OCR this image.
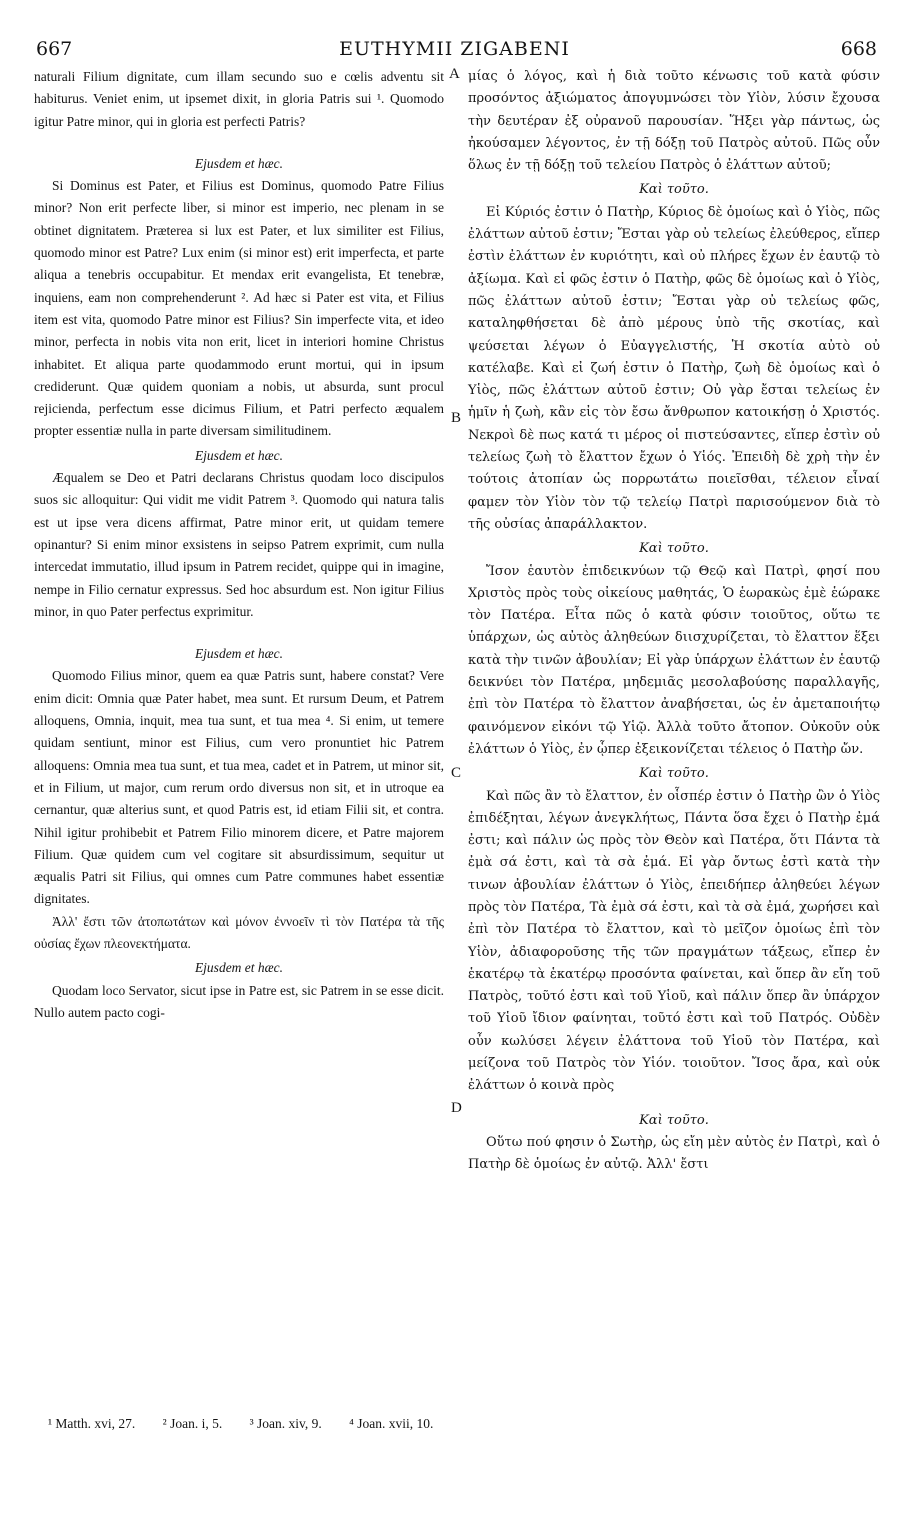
667	EUTHYMII ZIGABENI	668

naturali Filium dignitate, cum illam secundo suo e cœlis adventu sit habiturus. Veniet enim, ut ipsemet dixit, in gloria Patris sui ¹. Quomodo igitur Patre minor, qui in gloria est perfecti Patris?

Ejusdem et hæc.

Si Dominus est Pater, et Filius est Dominus, quomodo Patre Filius minor? Non erit perfecte liber, si minor est imperio, nec plenam in se obtinet dignitatem. Præterea si lux est Pater, et lux similiter est Filius, quomodo minor est Patre? Lux enim (si minor est) erit imperfecta, et parte aliqua a tenebris occupabitur. Et mendax erit evangelista, Et tenebræ, inquiens, eam non comprehenderunt ². Ad hæc si Pater est vita, et Filius item est vita, quomodo Patre minor est Filius? Sin imperfecte vita, et ideo minor, perfecta in nobis vita non erit, licet in interiori homine Christus inhabitet. Et aliqua parte quodammodo erunt mortui, qui in ipsum crediderunt. Quæ quidem quoniam a nobis, ut absurda, sunt procul rejicienda, perfectum esse dicimus Filium, et Patri perfecto æqualem propter essentiæ nulla in parte diversam similitudinem.

Ejusdem et hæc.

Æqualem se Deo et Patri declarans Christus quodam loco discipulos suos sic alloquitur: Qui vidit me vidit Patrem ³. Quomodo qui natura talis est ut ipse vera dicens affirmat, Patre minor erit, ut quidam temere opinantur? Si enim minor exsistens in seipso Patrem exprimit, cum nulla intercedat immutatio, illud ipsum in Patrem recidet, quippe qui in imagine, nempe in Filio cernatur expressus. Sed hoc absurdum est. Non igitur Filius minor, in quo Pater perfectus exprimitur.

Ejusdem et hæc.

Quomodo Filius minor, quem ea quæ Patris sunt, habere constat? Vere enim dicit: Omnia quæ Pater habet, mea sunt. Et rursum Deum, et Patrem alloquens, Omnia, inquit, mea tua sunt, et tua mea ⁴. Si enim, ut temere quidam sentiunt, minor est Filius, cum vero pronuntiet hic Patrem alloquens: Omnia mea tua sunt, et tua mea, cadet et in Patrem, ut minor sit, et in Filium, ut major, cum rerum ordo diversus non sit, et in utroque ea cernantur, quæ alterius sunt, et quod Patris est, id etiam Filii sit, et contra. Nihil igitur prohibebit et Patrem Filio minorem dicere, et Patre majorem Filium. Quæ quidem cum vel cogitare sit absurdissimum, sequitur ut æqualis Patri sit Filius, qui omnes cum Patre communes habet essentiæ dignitates.

Ἀλλ' ἔστι τῶν ἀτοπωτάτων καὶ μόνον ἐννοεῖν τὶ τὸν Πατέρα τὰ τῆς οὐσίας ἔχων πλεονεκτήματα.

Ejusdem et hæc.

Quodam loco Servator, sicut ipse in Patre est, sic Patrem in se esse dicit. Nullo autem pacto cogi-

μίας ὁ λόγος, καὶ ἡ διὰ τοῦτο κένωσις τοῦ κατὰ φύσιν προσόντος ἀξιώματος ἀπογυμνώσει τὸν Υἱὸν, λύσιν ἔχουσα τὴν δευτέραν ἐξ οὐρανοῦ παρουσίαν. Ἥξει γὰρ πάντως, ὡς ἠκούσαμεν λέγοντος, ἐν τῇ δόξῃ τοῦ Πατρὸς αὐτοῦ. Πῶς οὖν ὅλως ἐν τῇ δόξῃ τοῦ τελείου Πατρὸς ὁ ἐλάττων αὐτοῦ;

Καὶ τοῦτο.

Εἰ Κύριός ἐστιν ὁ Πατὴρ, Κύριος δὲ ὁμοίως καὶ ὁ Υἱὸς, πῶς ἐλάττων αὐτοῦ ἐστιν; Ἔσται γὰρ οὐ τελείως ἐλεύθερος, εἴπερ ἐστὶν ἐλάττων ἐν κυριότητι, καὶ οὐ πλήρες ἔχων ἐν ἑαυτῷ τὸ ἀξίωμα. Καὶ εἰ φῶς ἐστιν ὁ Πατὴρ, φῶς δὲ ὁμοίως καὶ ὁ Υἱὸς, πῶς ἐλάττων αὐτοῦ ἐστιν; Ἔσται γὰρ οὐ τελείως φῶς, καταληφθήσεται δὲ ἀπὸ μέρους ὑπὸ τῆς σκοτίας, καὶ ψεύσεται λέγων ὁ Εὐαγγελιστής, Ἡ σκοτία αὐτὸ οὐ κατέλαβε. Καὶ εἰ ζωή ἐστιν ὁ Πατὴρ, ζωὴ δὲ ὁμοίως καὶ ὁ Υἱὸς, πῶς ἐλάττων αὐτοῦ ἐστιν; Οὐ γὰρ ἔσται τελείως ἐν ἡμῖν ἡ ζωὴ, κἂν εἰς τὸν ἔσω ἄνθρωπον κατοικήσῃ ὁ Χριστός. Νεκροὶ δὲ πως κατά τι μέρος οἱ πιστεύσαντες, εἴπερ ἐστὶν οὐ τελείως ζωὴ τὸ ἔλαττον ἔχων ὁ Υἱός. Ἐπειδὴ δὲ χρὴ τὴν ἐν τούτοις ἀτοπίαν ὡς πορρωτάτω ποιεῖσθαι, τέλειον εἶναί φαμεν τὸν Υἱὸν τὸν τῷ τελείῳ Πατρὶ παρισούμενον διὰ τὸ τῆς οὐσίας ἀπαράλλακτον.

Καὶ τοῦτο.

Ἴσον ἑαυτὸν ἐπιδεικνύων τῷ Θεῷ καὶ Πατρὶ, φησί που Χριστὸς πρὸς τοὺς οἰκείους μαθητάς, Ὁ ἑωρακὼς ἐμὲ ἑώρακε τὸν Πατέρα. Εἶτα πῶς ὁ κατὰ φύσιν τοιοῦτος, οὕτω τε ὑπάρχων, ὡς αὐτὸς ἀληθεύων διισχυρίζεται, τὸ ἔλαττον ἕξει κατὰ τὴν τινῶν ἀβουλίαν; Εἰ γὰρ ὑπάρχων ἐλάττων ἐν ἑαυτῷ δεικνύει τὸν Πατέρα, μηδεμιᾶς μεσολαβούσης παραλλαγῆς, ἐπὶ τὸν Πατέρα τὸ ἔλαττον ἀναβήσεται, ὡς ἐν ἀμεταποιήτῳ φαινόμενον εἰκόνι τῷ Υἱῷ. Ἀλλὰ τοῦτο ἄτοπον. Οὐκοῦν οὐκ ἐλάττων ὁ Υἱὸς, ἐν ᾧπερ ἐξεικονίζεται τέλειος ὁ Πατὴρ ὤν.

Καὶ τοῦτο.

Καὶ πῶς ἂν τὸ ἔλαττον, ἐν οἷσπέρ ἐστιν ὁ Πατὴρ ὢν ὁ Υἱὸς ἐπιδέξηται, λέγων ἀνεγκλήτως, Πάντα ὅσα ἔχει ὁ Πατὴρ ἐμά ἐστι; καὶ πάλιν ὡς πρὸς τὸν Θεὸν καὶ Πατέρα, ὅτι Πάντα τὰ ἐμὰ σά ἐστι, καὶ τὰ σὰ ἐμά. Εἰ γὰρ ὄντως ἐστὶ κατὰ τὴν τινων ἀβουλίαν ἐλάττων ὁ Υἱὸς, ἐπειδήπερ ἀληθεύει λέγων πρὸς τὸν Πατέρα, Τὰ ἐμὰ σά ἐστι, καὶ τὰ σὰ ἐμά, χωρήσει καὶ ἐπὶ τὸν Πατέρα τὸ ἔλαττον, καὶ τὸ μεῖζον ὁμοίως ἐπὶ τὸν Υἱὸν, ἀδιαφοροῦσης τῆς τῶν πραγμάτων τάξεως, εἴπερ ἐν ἑκατέρῳ τὰ ἑκατέρῳ προσόντα φαίνεται, καὶ ὅπερ ἂν εἴη τοῦ Πατρὸς, τοῦτό ἐστι καὶ τοῦ Υἱοῦ, καὶ πάλιν ὅπερ ἂν ὑπάρχον τοῦ Υἱοῦ ἴδιον φαίνηται, τοῦτό ἐστι καὶ τοῦ Πατρός. Οὐδὲν οὖν κωλύσει λέγειν ἐλάττονα τοῦ Υἱοῦ τὸν Πατέρα, καὶ μείζονα τοῦ Πατρὸς τὸν Υἱόν. τοιοῦτον. Ἴσος ἄρα, καὶ οὐκ ἐλάττων ὁ κοινὰ πρὸς

Καὶ τοῦτο.

Οὕτω πού φησιν ὁ Σωτὴρ, ὡς εἴη μὲν αὐτὸς ἐν Πατρὶ, καὶ ὁ Πατὴρ δὲ ὁμοίως ἐν αὐτῷ. Ἀλλ' ἔστι

A
B
C
D
¹ Matth. xvi, 27. ² Joan. i, 5. ³ Joan. xiv, 9. ⁴ Joan. xvii, 10.
